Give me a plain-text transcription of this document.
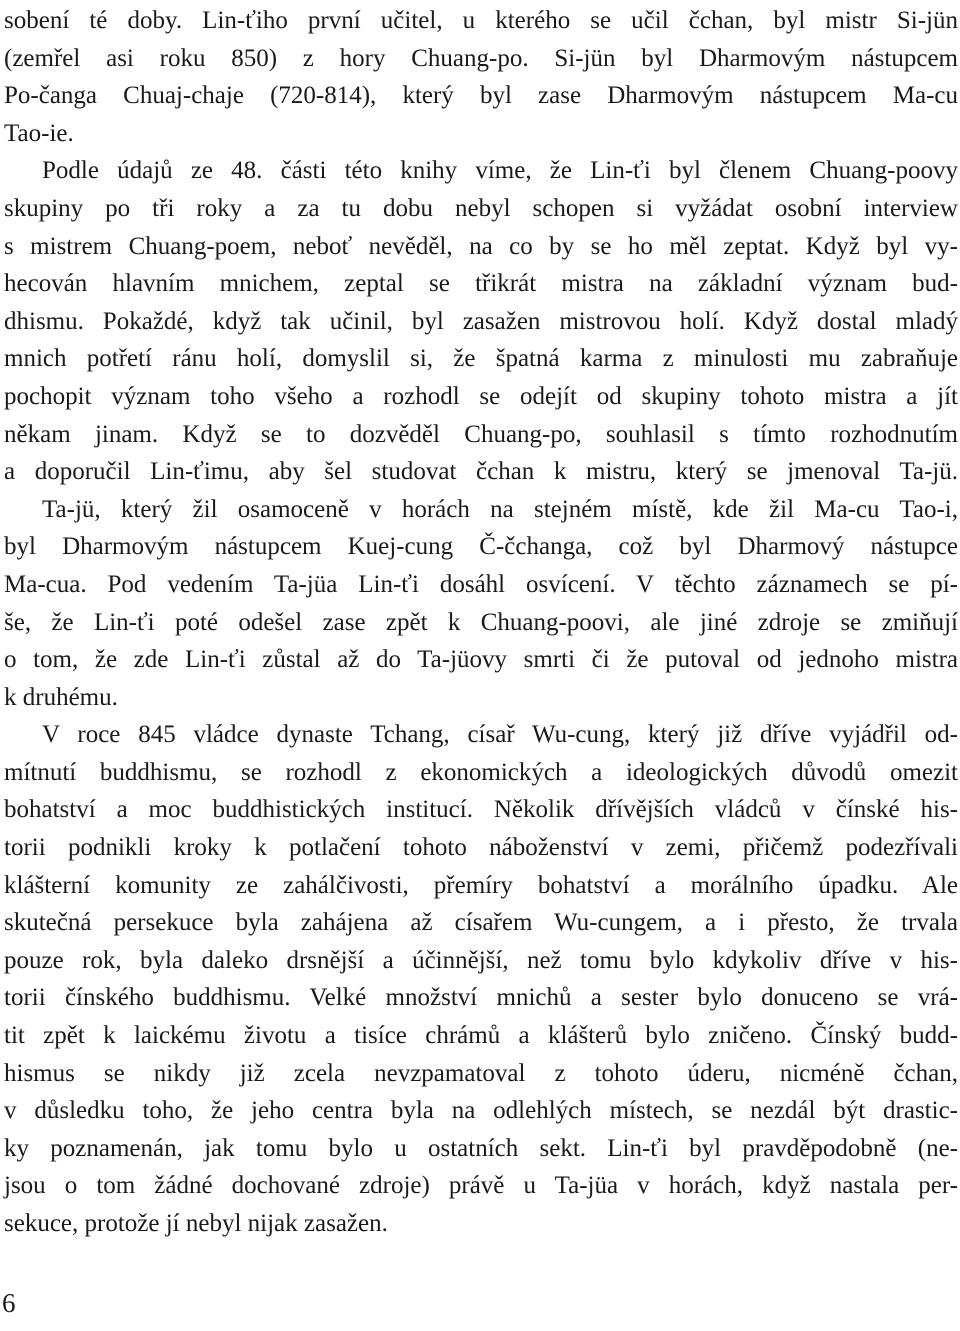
sobení té doby. Lin-ťiho první učitel, u kterého se učil čchan, byl mistr Si-jün
(zemřel asi roku 850) z hory Chuang-po. Si-jün byl Dharmovým nástupcem
Po-čanga Chuaj-chaje (720-814), který byl zase Dharmovým nástupcem Ma-cu
Tao-ie.
Podle údajů ze 48. části této knihy víme, že Lin-ťi byl členem Chuang-poovy
skupiny po tři roky a za tu dobu nebyl schopen si vyžádat osobní interview
s mistrem Chuang-poem, neboť nevěděl, na co by se ho měl zeptat. Když byl vy-
hecován hlavním mnichem, zeptal se třikrát mistra na základní význam bud-
dhismu. Pokaždé, když tak učinil, byl zasažen mistrovou holí. Když dostal mladý
mnich potřetí ránu holí, domyslil si, že špatná karma z minulosti mu zabraňuje
pochopit význam toho všeho a rozhodl se odejít od skupiny tohoto mistra a jít
někam jinam. Když se to dozvěděl Chuang-po, souhlasil s tímto rozhodnutím
a doporučil Lin-ťimu, aby šel studovat čchan k mistru, který se jmenoval Ta-jü.
Ta-jü, který žil osamoceně v horách na stejném místě, kde žil Ma-cu Tao-i,
byl Dharmovým nástupcem Kuej-cung Č-čchanga, což byl Dharmový nástupce
Ma-cua. Pod vedením Ta-jüa Lin-ťi dosáhl osvícení. V těchto záznamech se pí-
še, že Lin-ťi poté odešel zase zpět k Chuang-poovi, ale jiné zdroje se zmiňují
o tom, že zde Lin-ťi zůstal až do Ta-jüovy smrti či že putoval od jednoho mistra
k druhému.
V roce 845 vládce dynaste Tchang, císař Wu-cung, který již dříve vyjádřil od-
mítnutí buddhismu, se rozhodl z ekonomických a ideologických důvodů omezit
bohatství a moc buddhistických institucí. Několik dřívějších vládců v čínské his-
torii podnikli kroky k potlačení tohoto náboženství v zemi, přičemž podezřívali
klášterní komunity ze zahálčivosti, přemíry bohatství a morálního úpadku. Ale
skutečná persekuce byla zahájena až císařem Wu-cungem, a i přesto, že trvala
pouze rok, byla daleko drsnější a účinnější, než tomu bylo kdykoliv dříve v his-
torii čínského buddhismu. Velké množství mnichů a sester bylo donuceno se vrá-
tit zpět k laickému životu a tisíce chrámů a klášterů bylo zničeno. Čínský budd-
hismus se nikdy již zcela nevzpamatoval z tohoto úderu, nicméně čchan,
v důsledku toho, že jeho centra byla na odlehlých místech, se nezdál být drastic-
ky poznamenán, jak tomu bylo u ostatních sekt. Lin-ťi byl pravděpodobně (ne-
jsou o tom žádné dochované zdroje) právě u Ta-jüa v horách, když nastala per-
sekuce, protože jí nebyl nijak zasažen.
6
